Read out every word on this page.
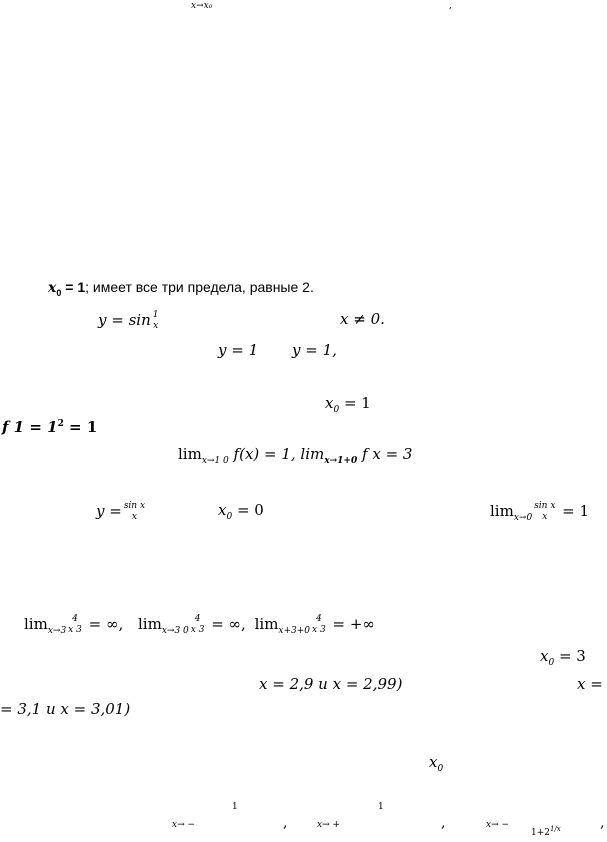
x→x₀	,
$x_0 = 1$; имеет все три предела, равные 2.
y = sin 1
x	x ≠ 0.
y = 1 y = 1,
$x_0 = 1$
f $1 = 1^2 = 1$
$\lim_{x\to 1 0} f(x) = 1$, $\lim_{x\to 1+0} f$ x = 3
y = sin x
x	$x_0 = 0$	$\lim_{x\to 0}$
sin x
x = 1
$\lim_{x\to 3}$
4
x 3 = ∞, $\lim_{x\to 3 0}$
4
x 3 = ∞, $\lim_{x+3+0}$
4
x 3 = +∞
$x_0 = 3$
x = 2,9 и x = 2,99)	x =
= 3,1 и x = 3,01)
$x_0$
1	1
x→ −	,	x→ +	,	x→ −
$1+2^{1/x}$	,
